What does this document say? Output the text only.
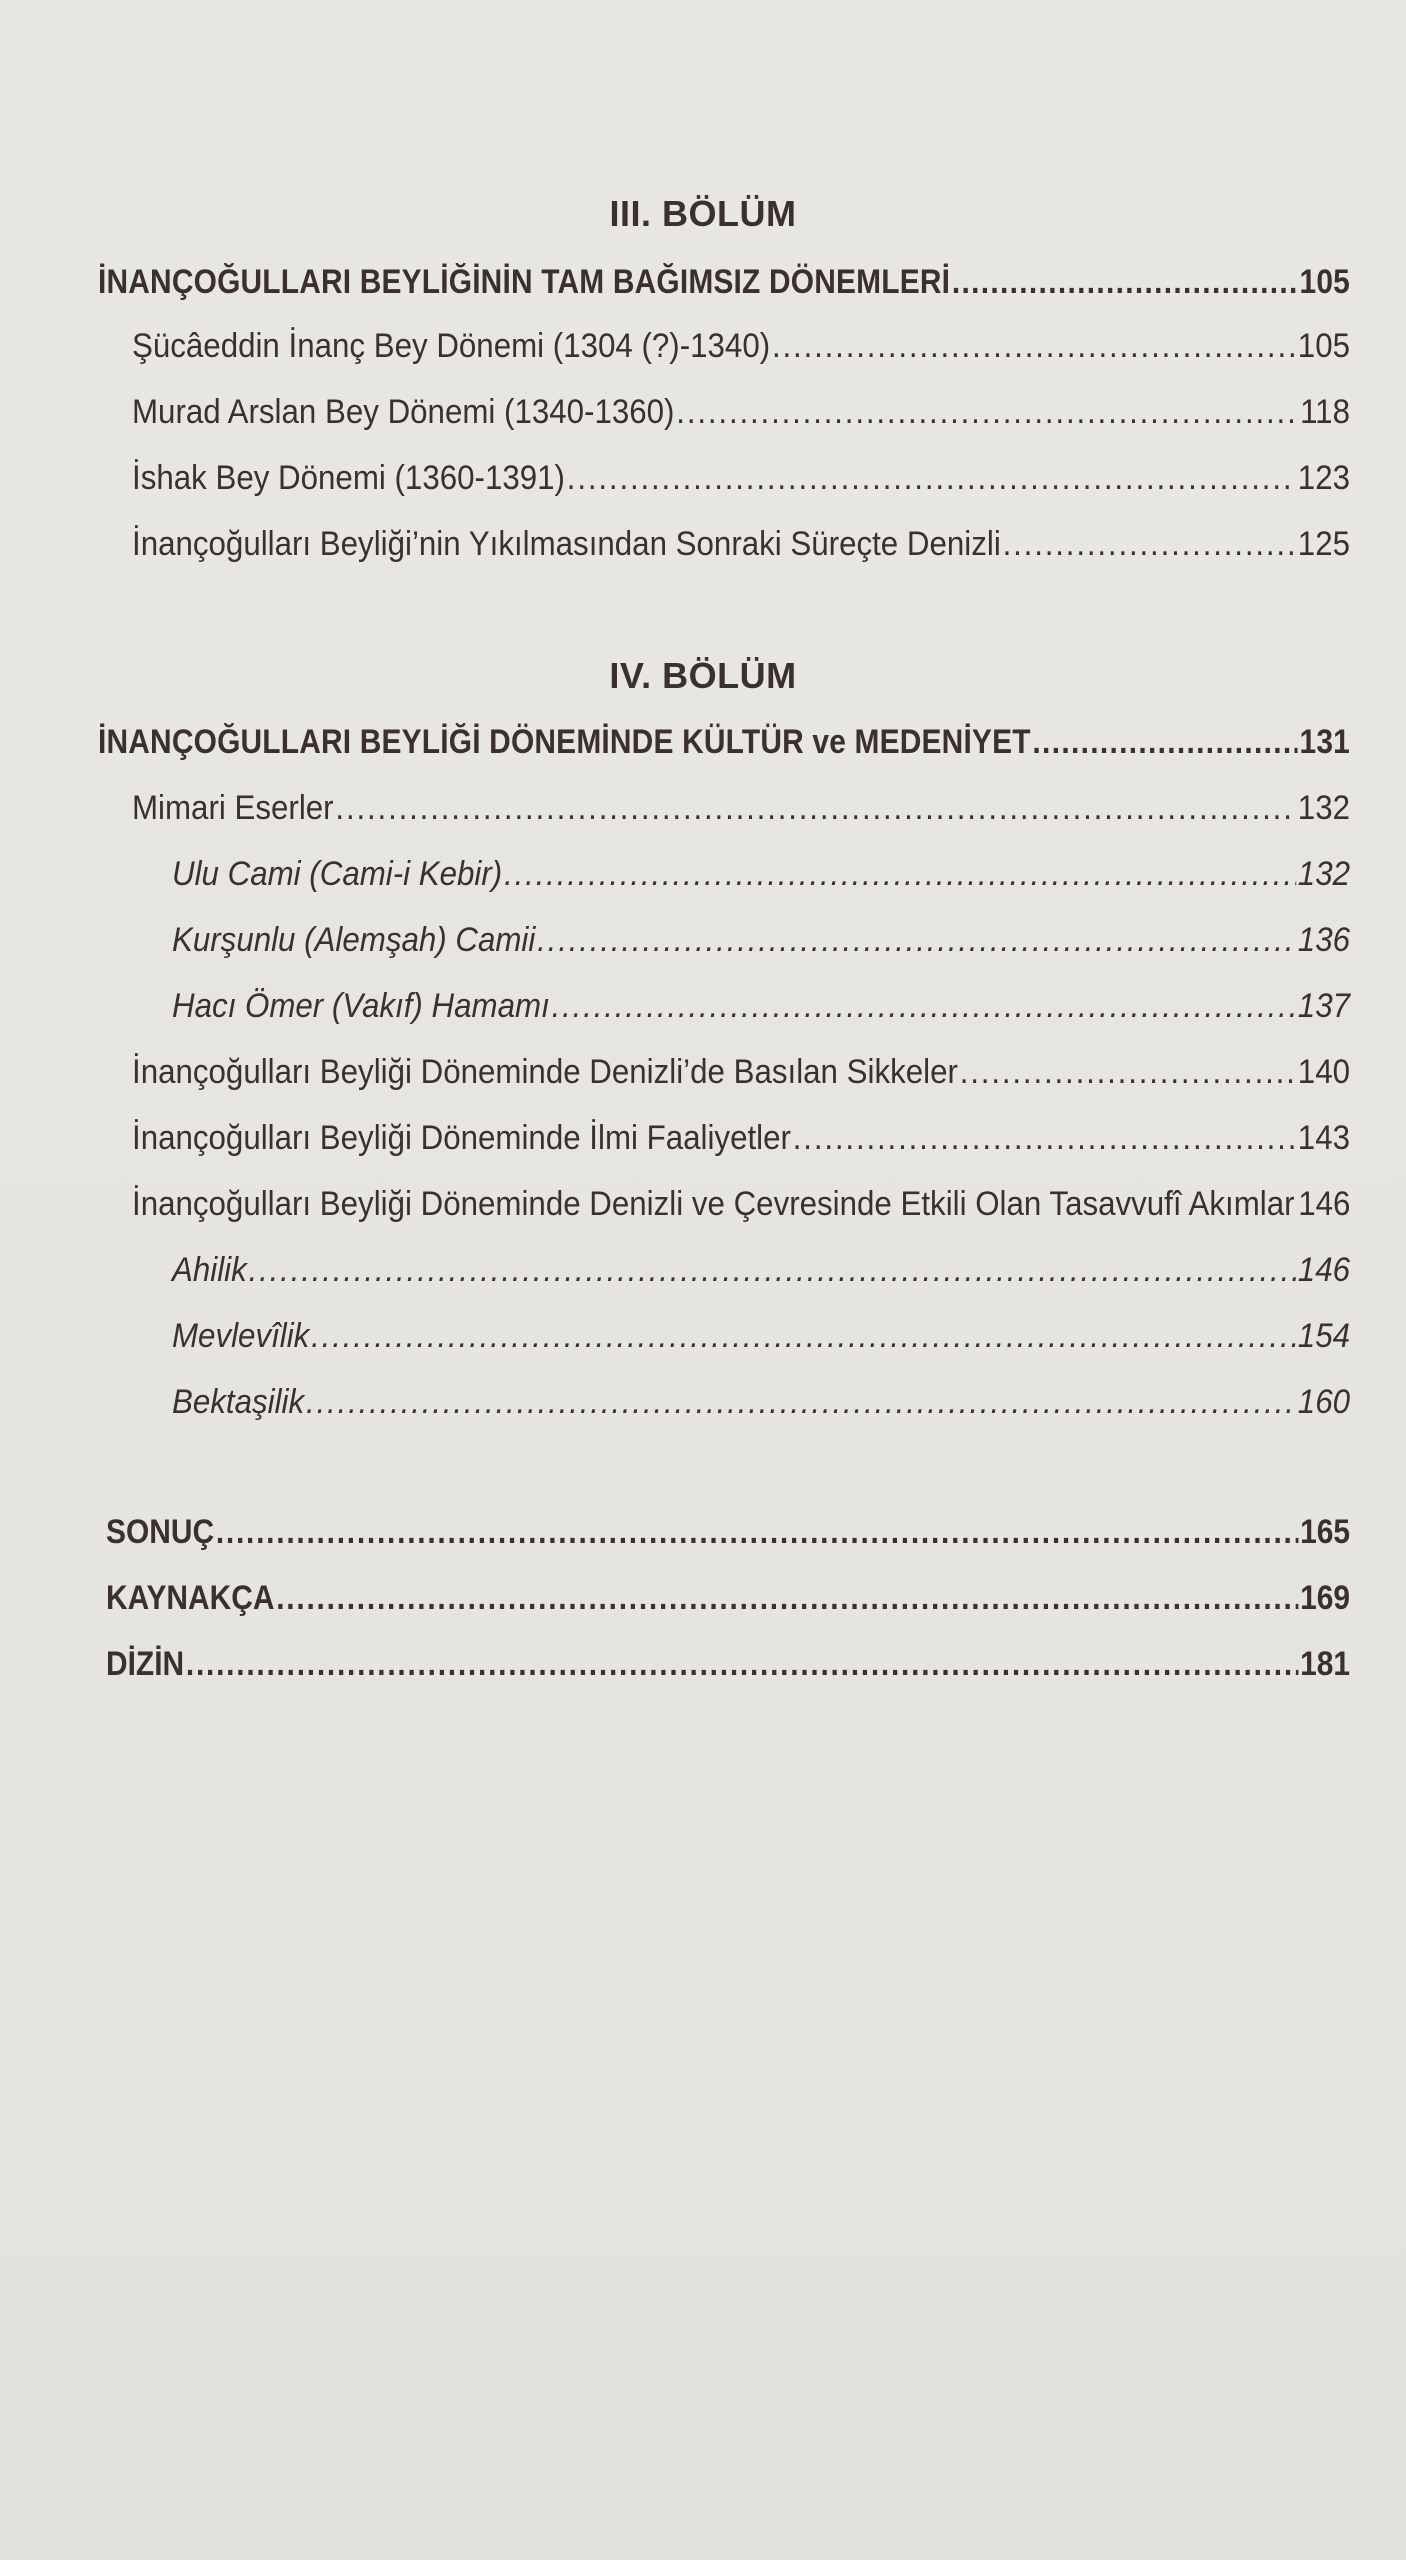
III. BÖLÜM
İNANÇOĞULLARI BEYLİĞİNİN TAM BAĞIMSIZ DÖNEMLERİ .....	105
Şücâeddin İnanç Bey Dönemi (1304 (?)-1340) .....	105
Murad Arslan Bey Dönemi (1340-1360) .....	118
İshak Bey Dönemi (1360-1391) .....	123
İnançoğulları Beyliği’nin Yıkılmasından Sonraki Süreçte Denizli .....	125
IV. BÖLÜM
İNANÇOĞULLARI BEYLİĞİ DÖNEMİNDE KÜLTÜR ve MEDENİYET .....	131
Mimari Eserler .....	132
Ulu Cami (Cami-i Kebir) .....	132
Kurşunlu (Alemşah) Camii .....	136
Hacı Ömer (Vakıf) Hamamı .....	137
İnançoğulları Beyliği Döneminde Denizli’de Basılan Sikkeler .....	140
İnançoğulları Beyliği Döneminde İlmi Faaliyetler .....	143
İnançoğulları Beyliği Döneminde Denizli ve Çevresinde Etkili Olan Tasavvufî Akımlar 146
Ahilik .....	146
Mevlevîlik .....	154
Bektaşilik .....	160
SONUÇ .....	165
KAYNAKÇA .....	169
DİZİN .....	181
